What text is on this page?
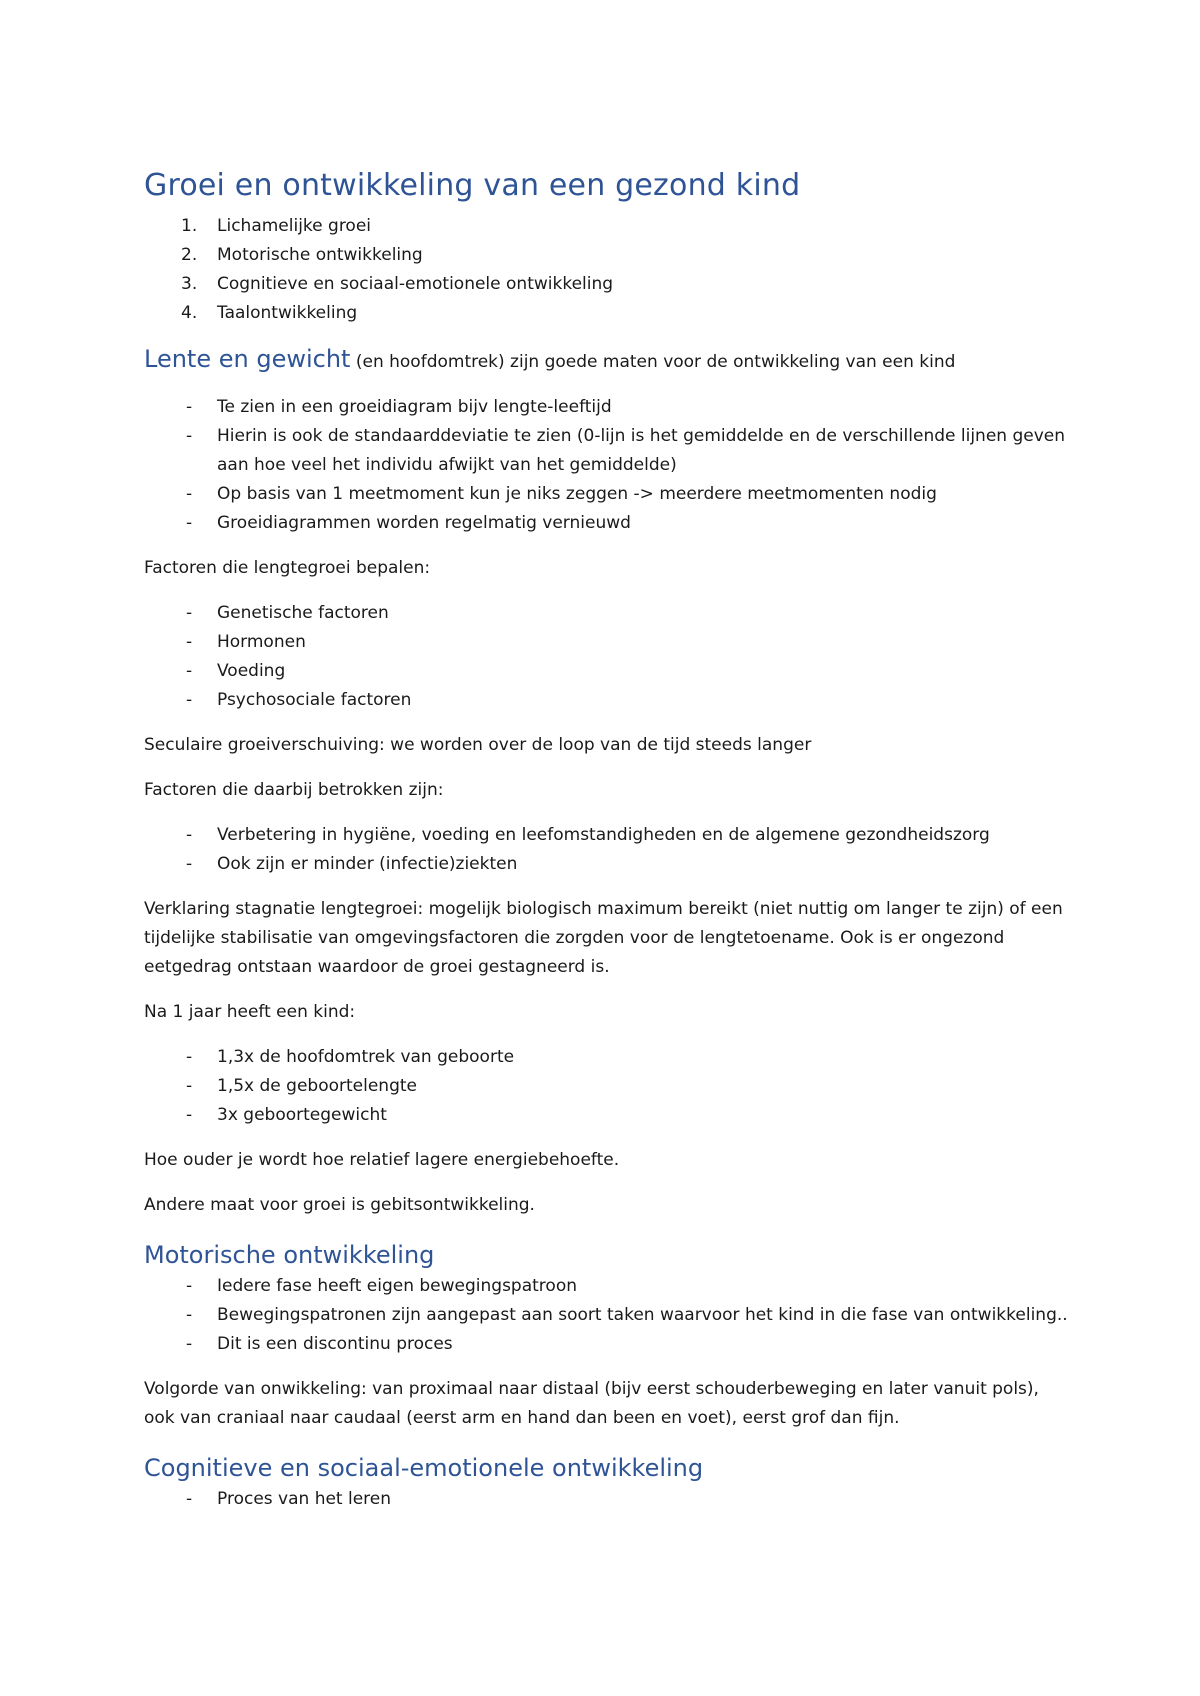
Groei en ontwikkeling van een gezond kind
1. Lichamelijke groei
2. Motorische ontwikkeling
3. Cognitieve en sociaal-emotionele ontwikkeling
4. Taalontwikkeling
Lente en gewicht (en hoofdomtrek) zijn goede maten voor de ontwikkeling van een kind
- Te zien in een groeidiagram bijv lengte-leeftijd
- Hierin is ook de standaarddeviatie te zien (0-lijn is het gemiddelde en de verschillende lijnen geven aan hoe veel het individu afwijkt van het gemiddelde)
- Op basis van 1 meetmoment kun je niks zeggen -> meerdere meetmomenten nodig
- Groeidiagrammen worden regelmatig vernieuwd

Factoren die lengtegroei bepalen:

- Genetische factoren
- Hormonen
- Voeding
- Psychosociale factoren

Seculaire groeiverschuiving: we worden over de loop van de tijd steeds langer

Factoren die daarbij betrokken zijn:

- Verbetering in hygiëne, voeding en leefomstandigheden en de algemene gezondheidszorg
- Ook zijn er minder (infectie)ziekten

Verklaring stagnatie lengtegroei: mogelijk biologisch maximum bereikt (niet nuttig om langer te zijn) of een tijdelijke stabilisatie van omgevingsfactoren die zorgden voor de lengtetoename. Ook is er ongezond eetgedrag ontstaan waardoor de groei gestagneerd is.

Na 1 jaar heeft een kind:

- 1,3x de hoofdomtrek van geboorte
- 1,5x de geboortelengte
- 3x geboortegewicht

Hoe ouder je wordt hoe relatief lagere energiebehoefte.

Andere maat voor groei is gebitsontwikkeling.

Motorische ontwikkeling
- Iedere fase heeft eigen bewegingspatroon
- Bewegingspatronen zijn aangepast aan soort taken waarvoor het kind in die fase van ontwikkeling..
- Dit is een discontinu proces

Volgorde van onwikkeling: van proximaal naar distaal (bijv eerst schouderbeweging en later vanuit pols), ook van craniaal naar caudaal (eerst arm en hand dan been en voet), eerst grof dan fijn.

Cognitieve en sociaal-emotionele ontwikkeling
- Proces van het leren
